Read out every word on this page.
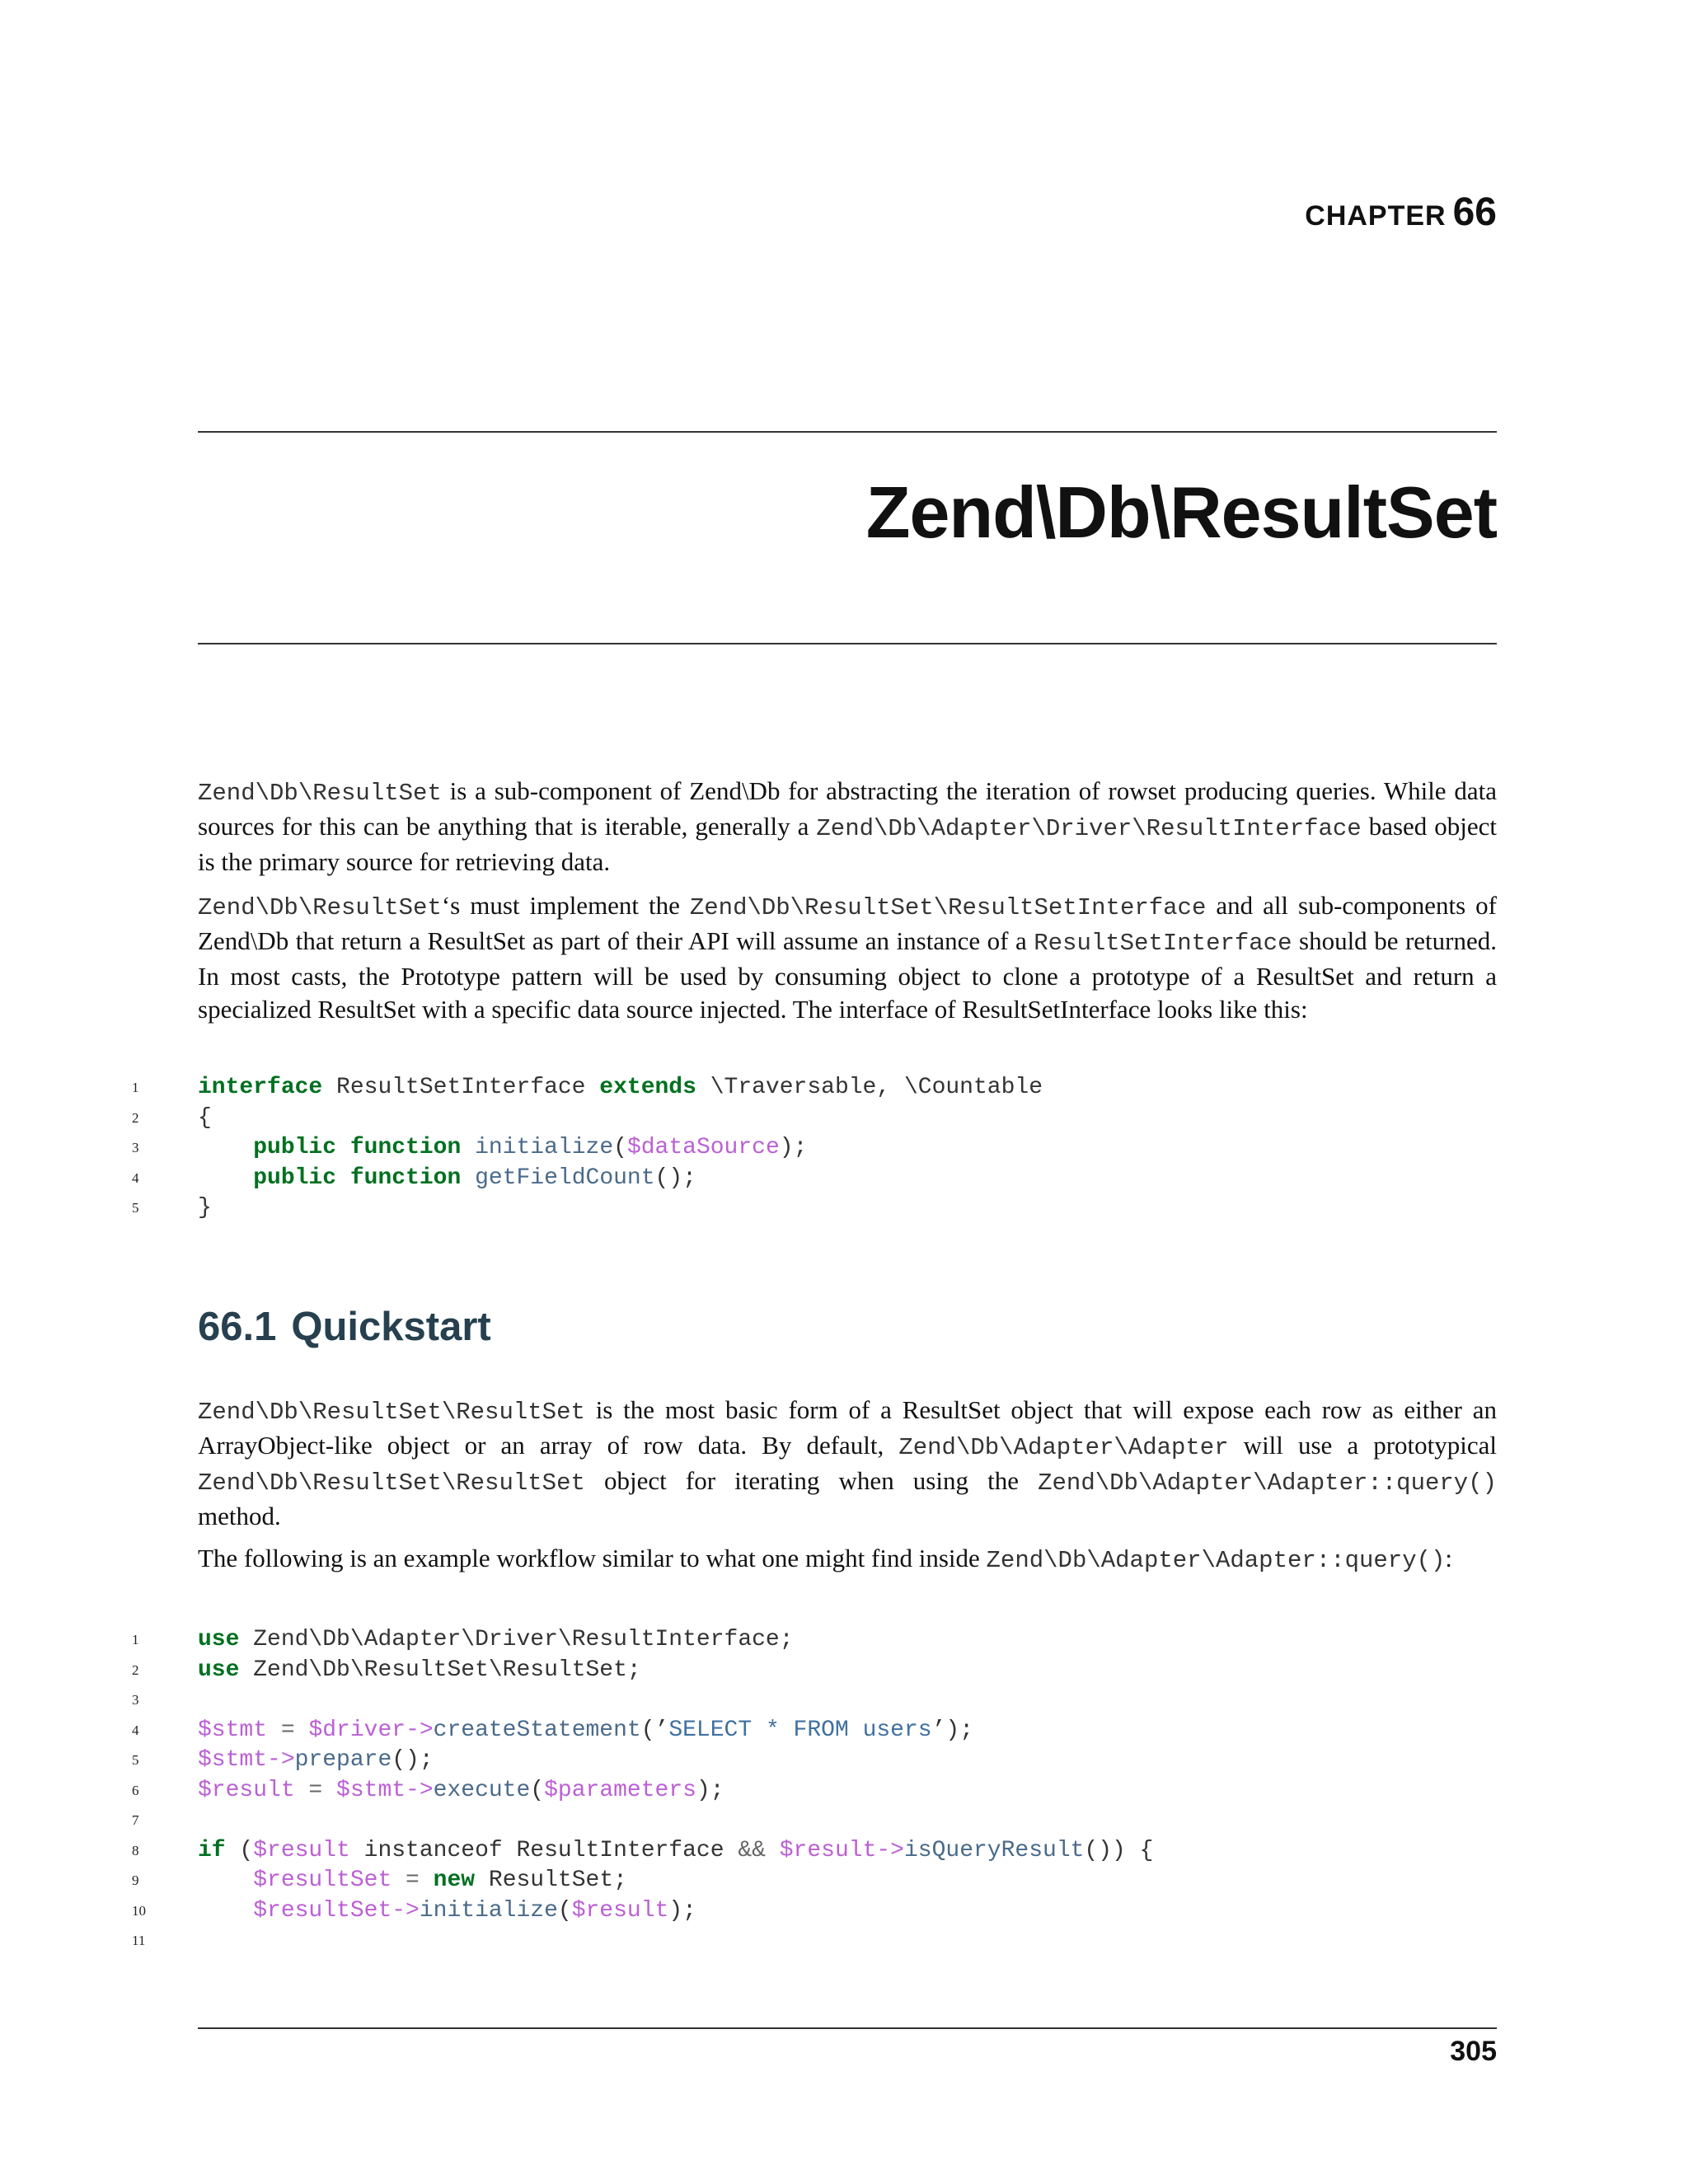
CHAPTER 66
Zend\Db\ResultSet

Zend\Db\ResultSet is a sub-component of Zend\Db for abstracting the iteration of rowset producing queries. While data sources for this can be anything that is iterable, generally a Zend\Db\Adapter\Driver\ResultInterface based object is the primary source for retrieving data.

Zend\Db\ResultSet‘s must implement the Zend\Db\ResultSet\ResultSetInterface and all sub-components of Zend\Db that return a ResultSet as part of their API will assume an instance of a ResultSetInterface should be returned. In most casts, the Prototype pattern will be used by consuming object to clone a prototype of a ResultSet and return a specialized ResultSet with a specific data source injected. The interface of ResultSetInterface looks like this:

1	interface ResultSetInterface extends \Traversable, \Countable
2	{
3	public function initialize($dataSource);
4	public function getFieldCount();
5	}
66.1 Quickstart

Zend\Db\ResultSet\ResultSet is the most basic form of a ResultSet object that will expose each row as either an ArrayObject-like object or an array of row data. By default, Zend\Db\Adapter\Adapter will use a prototypical Zend\Db\ResultSet\ResultSet object for iterating when using the Zend\Db\Adapter\Adapter::query() method.

The following is an example workflow similar to what one might find inside Zend\Db\Adapter\Adapter::query():

1	use Zend\Db\Adapter\Driver\ResultInterface;
2	use Zend\Db\ResultSet\ResultSet;
3
4	$stmt = $driver->createStatement(’SELECT * FROM users’);
5	$stmt->prepare();
6	$result = $stmt->execute($parameters);
7
8	if ($result instanceof ResultInterface && $result->isQueryResult()) {
9	$resultSet = new ResultSet;
10	$resultSet->initialize($result);
11
305
